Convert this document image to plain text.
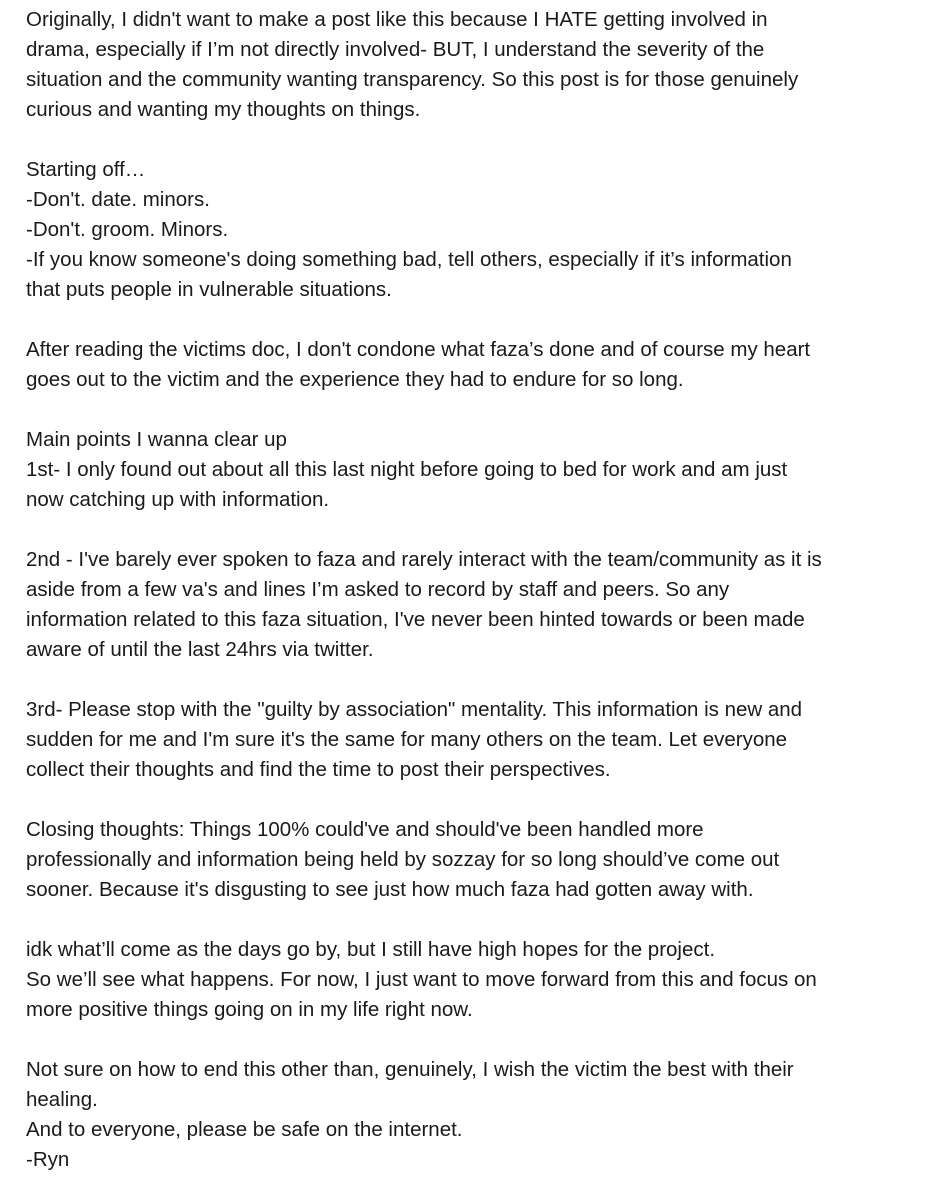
Originally, I didn't want to make a post like this because I HATE getting involved in
drama, especially if I’m not directly involved- BUT, I understand the severity of the
situation and the community wanting transparency. So this post is for those genuinely
curious and wanting my thoughts on things.
Starting off…
-Don't. date. minors.
-Don't. groom. Minors.
-If you know someone's doing something bad, tell others, especially if it’s information
that puts people in vulnerable situations.
After reading the victims doc, I don't condone what faza’s done and of course my heart
goes out to the victim and the experience they had to endure for so long.
Main points I wanna clear up
1st- I only found out about all this last night before going to bed for work and am just
now catching up with information.
2nd - I've barely ever spoken to faza and rarely interact with the team/community as it is
aside from a few va's and lines I’m asked to record by staff and peers. So any
information related to this faza situation, I've never been hinted towards or been made
aware of until the last 24hrs via twitter.
3rd- Please stop with the "guilty by association" mentality. This information is new and
sudden for me and I'm sure it's the same for many others on the team. Let everyone
collect their thoughts and find the time to post their perspectives.
Closing thoughts: Things 100% could've and should've been handled more
professionally and information being held by sozzay for so long should’ve come out
sooner. Because it's disgusting to see just how much faza had gotten away with.
idk what’ll come as the days go by, but I still have high hopes for the project.
So we’ll see what happens. For now, I just want to move forward from this and focus on
more positive things going on in my life right now.
Not sure on how to end this other than, genuinely, I wish the victim the best with their
healing.
And to everyone, please be safe on the internet.
-Ryn
